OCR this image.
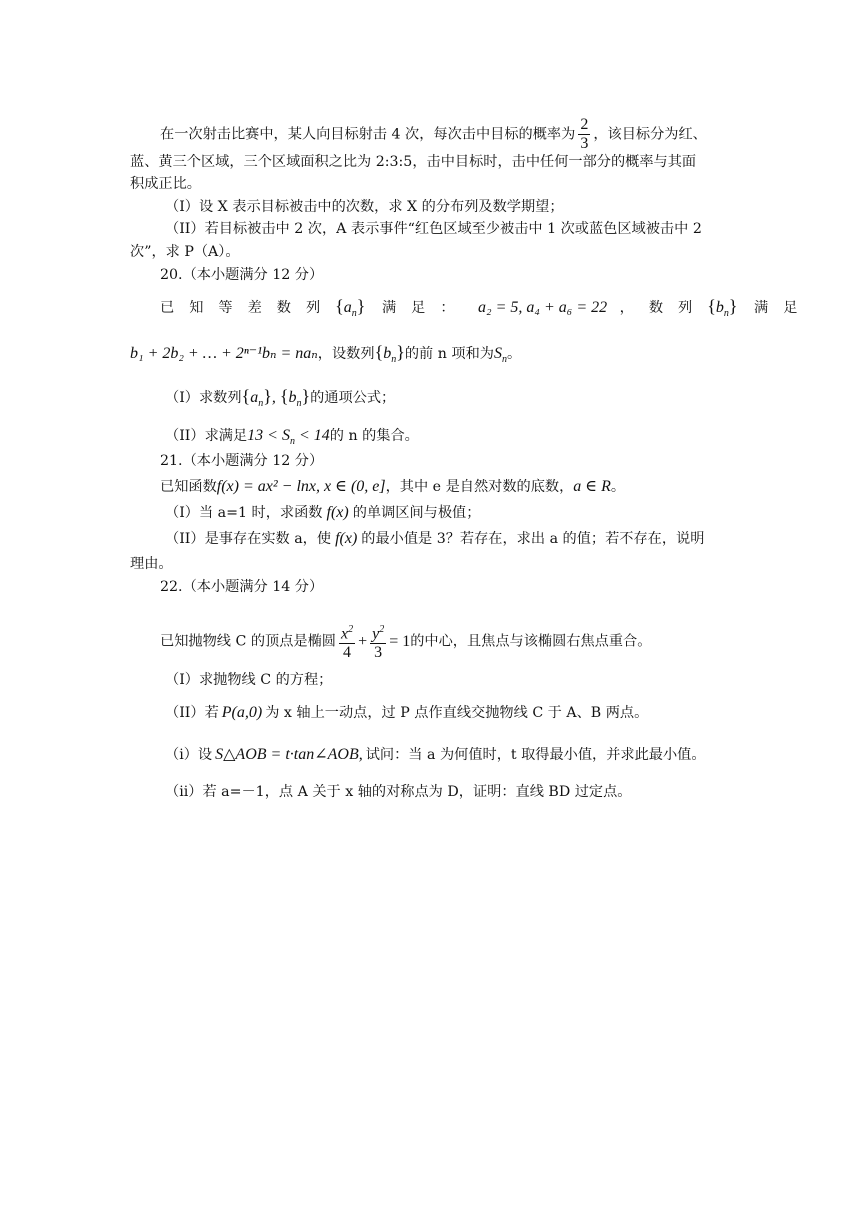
在一次射击比赛中，某人向目标射击 4 次，每次击中目标的概率为 $\frac{2}{3}$ ，该目标分为红、
蓝、黄三个区域，三个区域面积之比为 2:3:5，击中目标时，击中任何一部分的概率与其面
积成正比。
（I）设 X 表示目标被击中的次数，求 X 的分布列及数学期望；
（II）若目标被击中 2 次，A 表示事件“红色区域至少被击中 1 次或蓝色区域被击中 2
次”，求 P（A）。
20.（本小题满分 12 分）
已知等差数列$\{a_n\}$ 满足： a₂ = 5, a₄ + a₆ = 22 ，数列$\{b_n\}$ 满足
b₁ + 2b₂ + … + 2ⁿ⁻¹bₙ = naₙ，设数列$\{b_n\}$的前 n 项和为$S_n$。
（I）求数列$\{a_n\}$, $\{b_n\}$的通项公式；
（II）求满足$13 < S_n < 14$的 n 的集合。
21.（本小题满分 12 分）
已知函数f(x) = ax² − lnx, x ∈ (0, e]，其中 e 是自然对数的底数，a ∈ R。
（I）当 a=1 时，求函数 f(x) 的单调区间与极值；
（II）是事存在实数 a，使 f(x) 的最小值是 3？若存在，求出 a 的值；若不存在，说明
理由。
22.（本小题满分 14 分）
已知抛物线 C 的顶点是椭圆 $\frac{x^2}{4} + \frac{y^2}{3} = 1$的中心，且焦点与该椭圆右焦点重合。
（I）求抛物线 C 的方程；
（II）若 P(a,0) 为 x 轴上一动点，过 P 点作直线交抛物线 C 于 A、B 两点。
（i）设 S△AOB = t·tan∠AOB, 试问：当 a 为何值时，t 取得最小值，并求此最小值。
（ii）若 a=－1，点 A 关于 x 轴的对称点为 D，证明：直线 BD 过定点。
